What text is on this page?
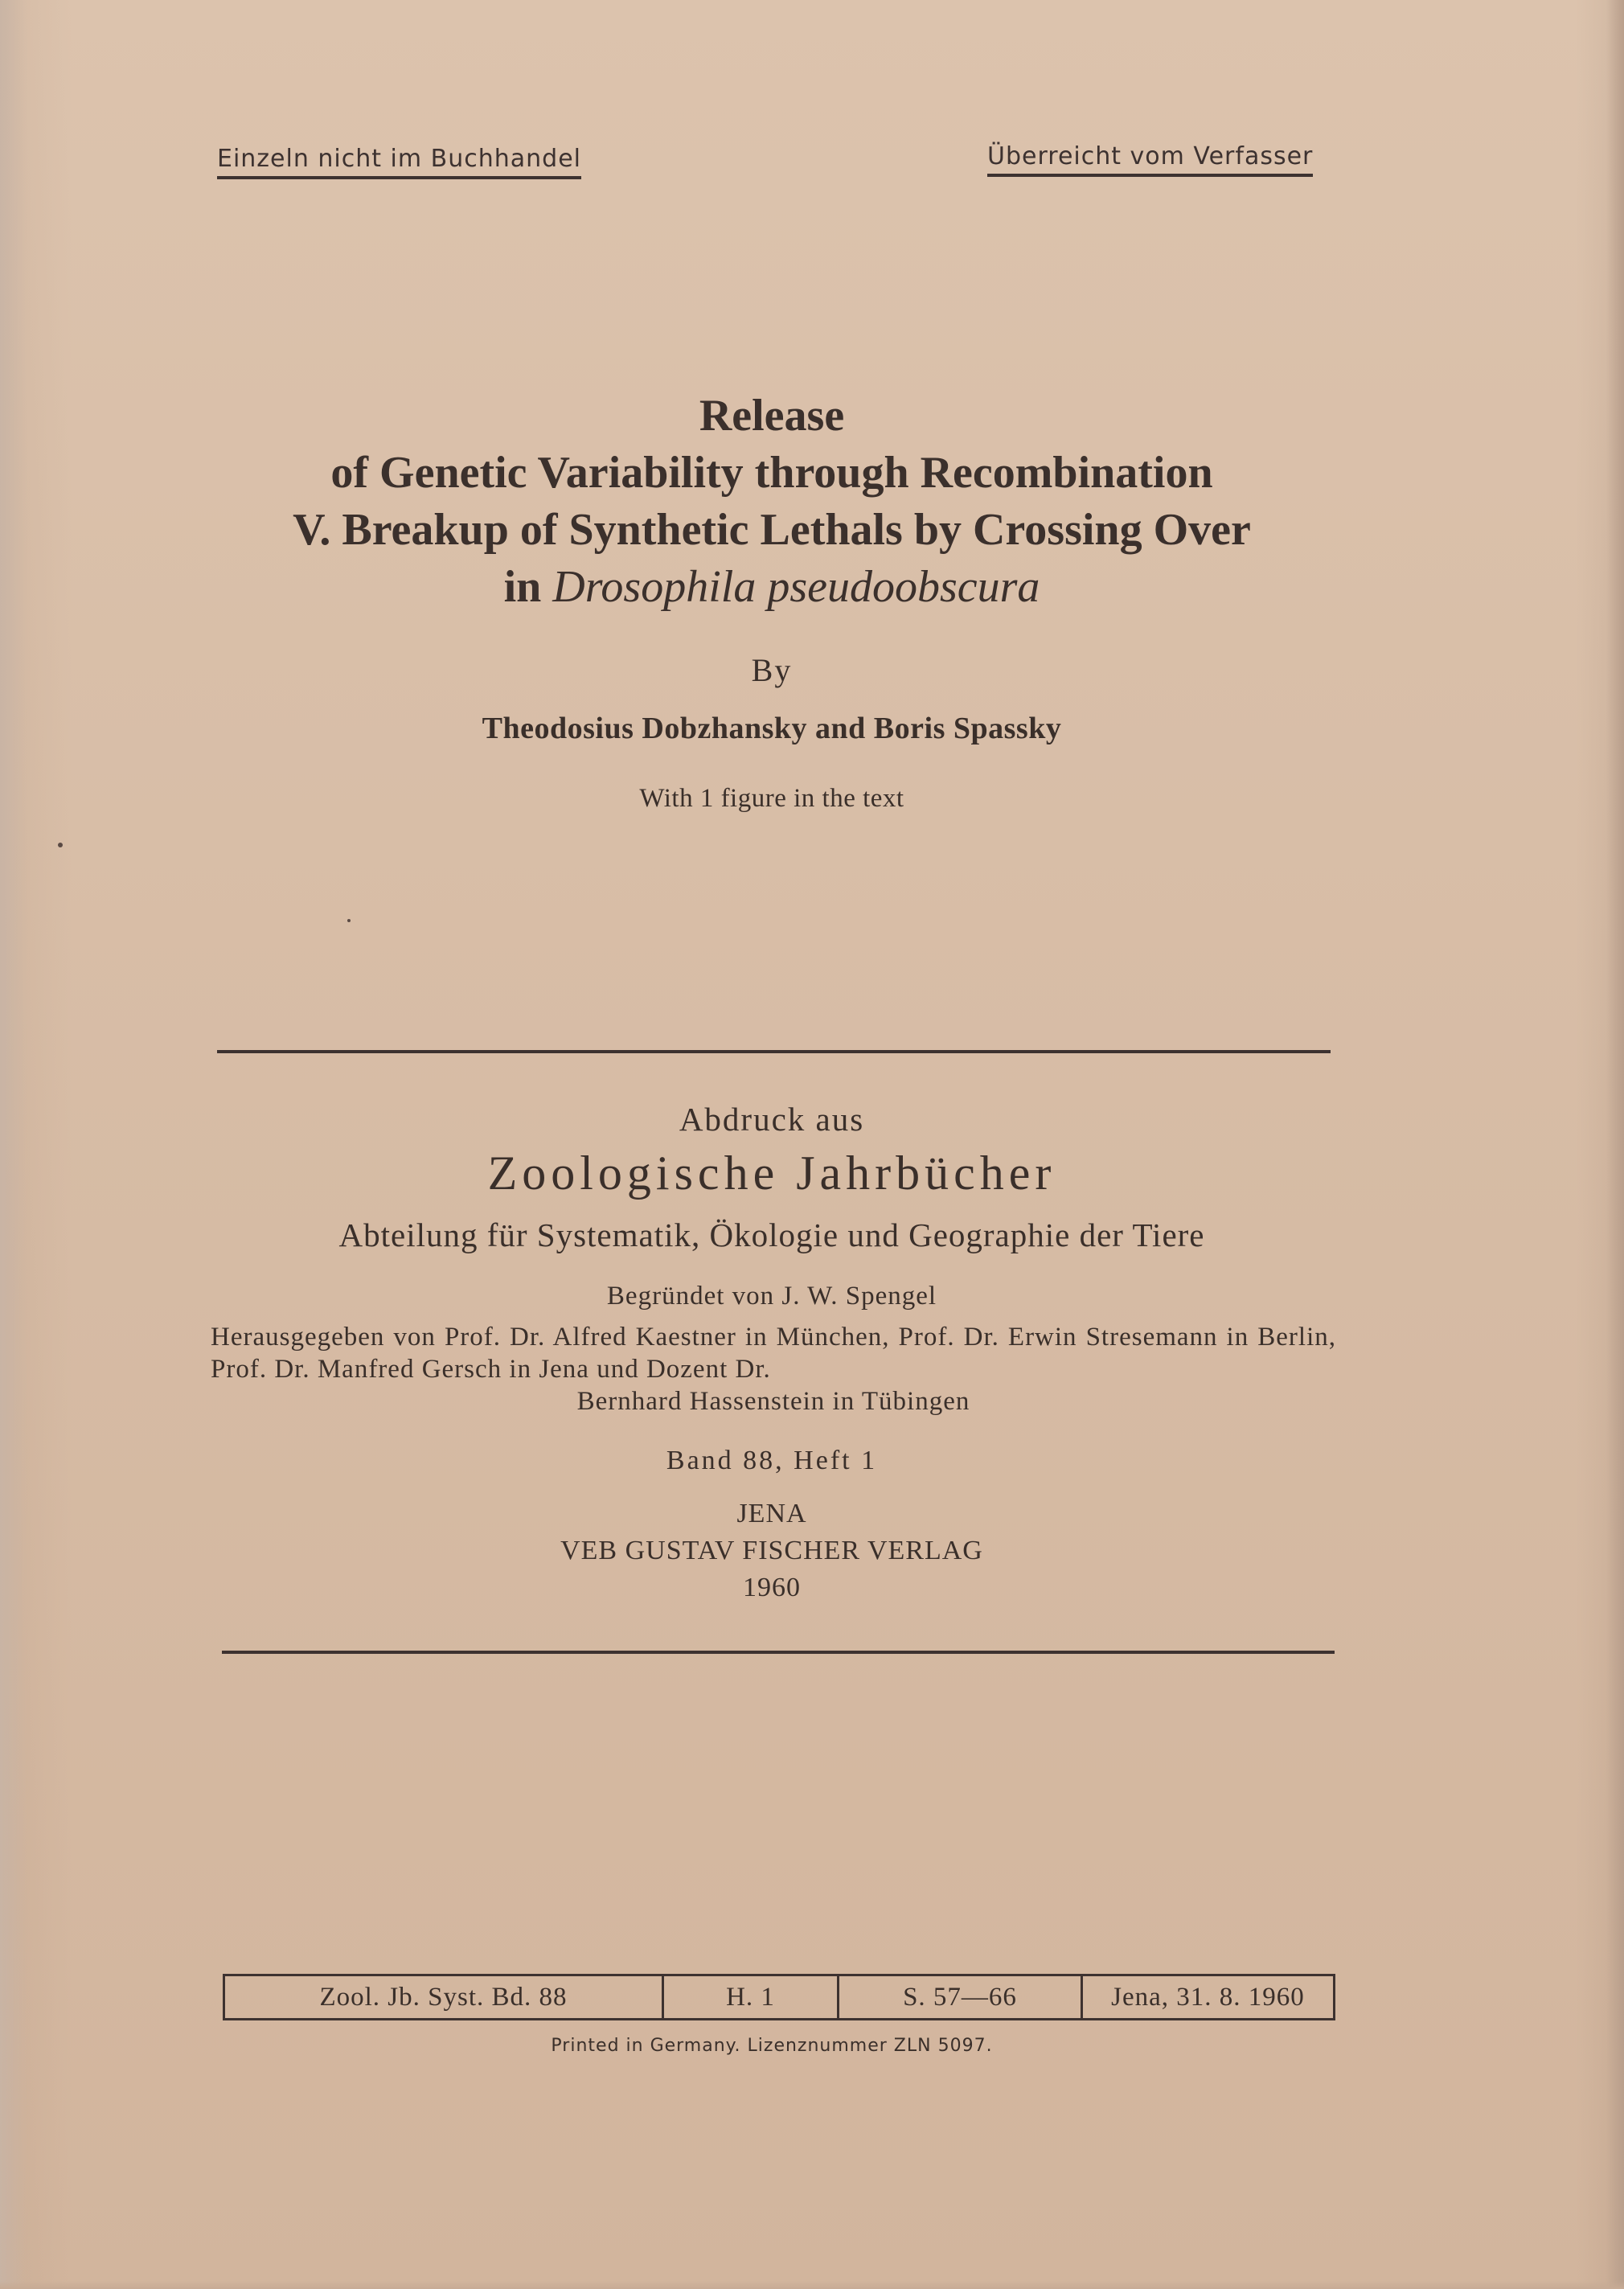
Einzeln nicht im Buchhandel	Überreicht vom Verfasser
Release
of Genetic Variability through Recombination
V. Breakup of Synthetic Lethals by Crossing Over
in Drosophila pseudoobscura
By
Theodosius Dobzhansky and Boris Spassky
With 1 figure in the text
Abdruck aus
Zoologische Jahrbücher
Abteilung für Systematik, Ökologie und Geographie der Tiere
Begründet von J. W. Spengel
Herausgegeben von Prof. Dr. Alfred Kaestner in München, Prof. Dr. Erwin Stresemann in Berlin, Prof. Dr. Manfred Gersch in Jena und Dozent Dr.
Bernhard Hassenstein in Tübingen
Band 88, Heft 1
JENA
VEB GUSTAV FISCHER VERLAG
1960
Zool. Jb. Syst. Bd. 88	H. 1	S. 57—66	Jena, 31. 8. 1960
Printed in Germany. Lizenznummer ZLN 5097.
